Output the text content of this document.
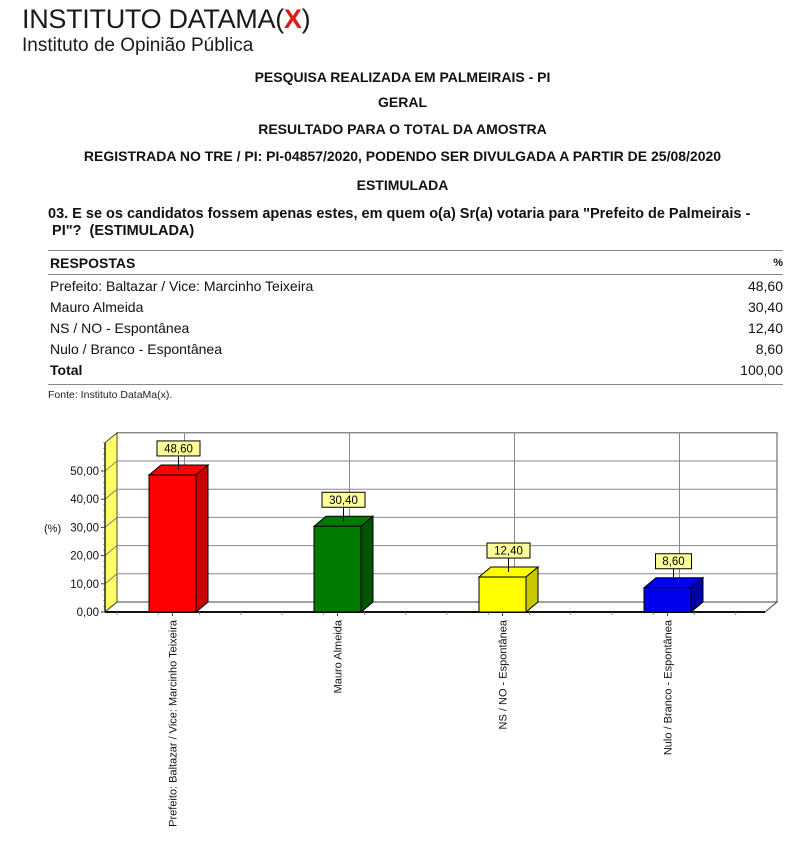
INSTITUTO DATAMA(X)
Instituto de Opinião Pública
PESQUISA REALIZADA EM PALMEIRAIS - PI
GERAL
RESULTADO PARA O TOTAL DA AMOSTRA
REGISTRADA NO TRE / PI: PI-04857/2020, PODENDO SER DIVULGADA A PARTIR DE 25/08/2020
ESTIMULADA
03. E se os candidatos fossem apenas estes, em quem o(a) Sr(a) votaria para "Prefeito de Palmeirais -
PI"?  (ESTIMULADA)
RESPOSTAS	%
Prefeito: Baltazar / Vice: Marcinho Teixeira	48,60
Mauro Almeida	30,40
NS / NO - Espontânea	12,40
Nulo / Branco - Espontânea	8,60
Total	100,00
Fonte: Instituto DataMa(x).
0,00
10,00
20,00
30,00
40,00
50,00
Prefeito: Baltazar / Vice: Marcinho Teixeira	Mauro Almeida	NS / NO - Espontânea	Nulo / Branco - Espontânea
48,60
30,40
12,40
8,60
(%)
